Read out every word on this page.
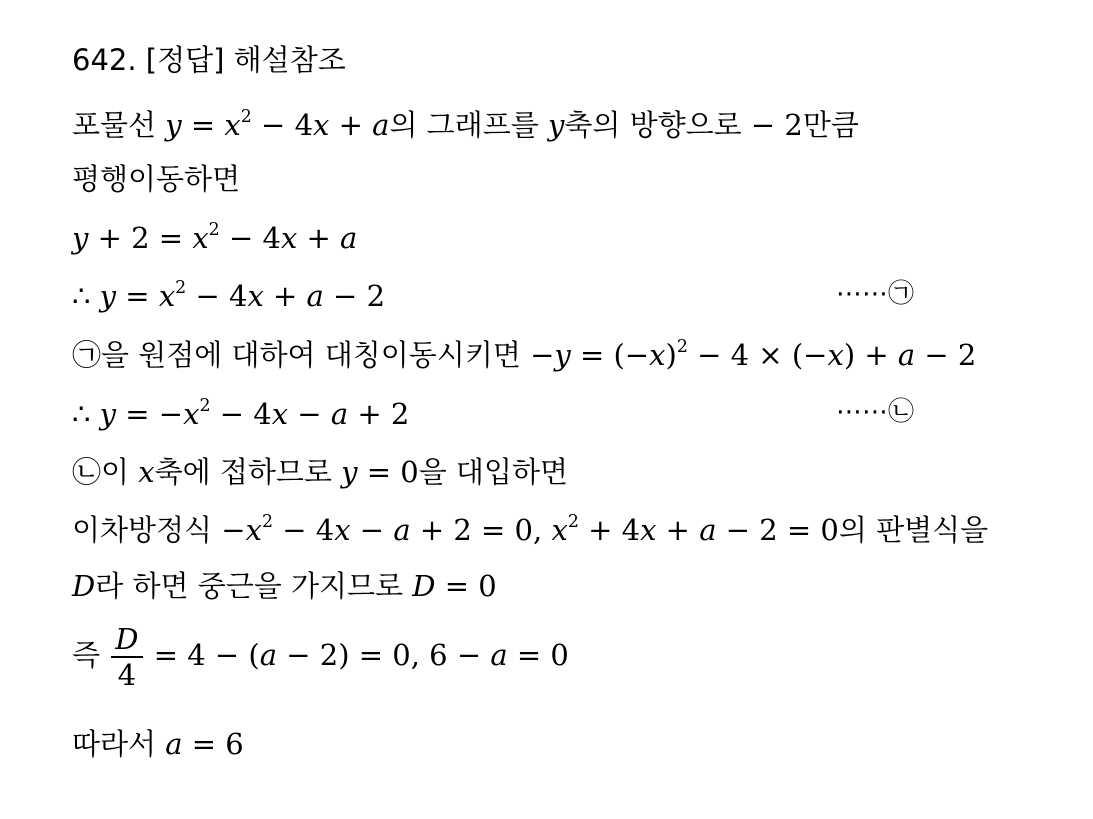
642. [정답] 해설참조
포물선 $y = x^2 - 4x + a$의 그래프를 y축의 방향으로 − 2만큼
평행이동하면
$y + 2 = x^2 - 4x + a$
∴ $y = x^2 - 4x + a - 2$	⋯⋯㉠
㉠을 원점에 대하여 대칭이동시키면 $-y = (-x)^2 - 4 \times (-x) + a - 2$
∴ $y = -x^2 - 4x - a + 2$	⋯⋯㉡
㉡이 x축에 접하므로 y = 0을 대입하면
이차방정식 $-x^2 - 4x - a + 2 = 0$, $x^2 + 4x + a - 2 = 0$의 판별식을
D라 하면 중근을 가지므로 D = 0
즉 $\frac{D}{4} = 4 - (a - 2) = 0$, 6 − a = 0
따라서 a = 6
